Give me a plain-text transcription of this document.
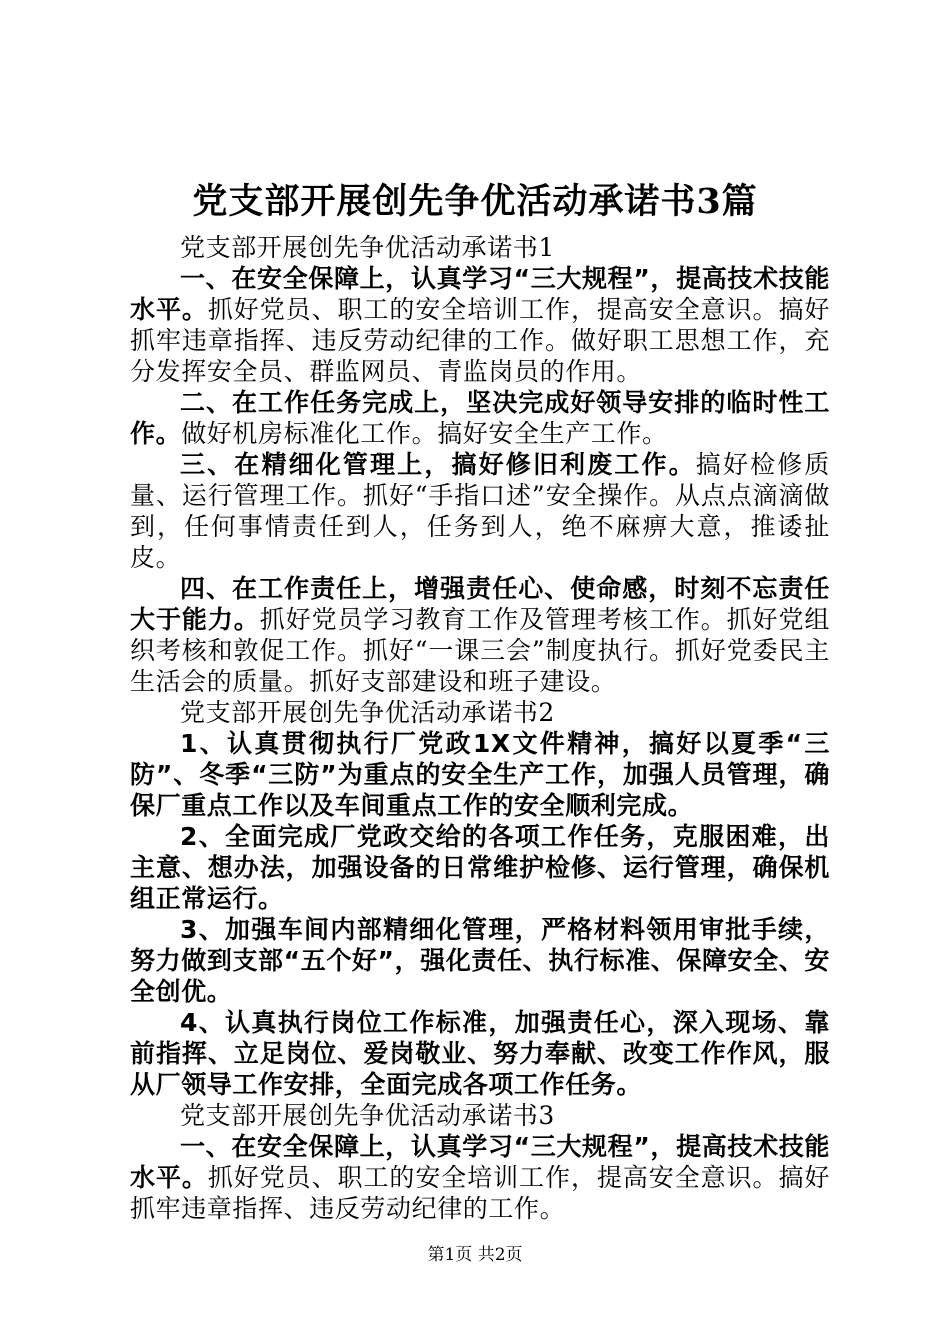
党支部开展创先争优活动承诺书3篇

党支部开展创先争优活动承诺书1

一、在安全保障上，认真学习“三大规程”，提高技术技能水平。抓好党员、职工的安全培训工作，提高安全意识。搞好抓牢违章指挥、违反劳动纪律的工作。做好职工思想工作，充分发挥安全员、群监网员、青监岗员的作用。

二、在工作任务完成上，坚决完成好领导安排的临时性工作。做好机房标准化工作。搞好安全生产工作。

三、在精细化管理上，搞好修旧利废工作。搞好检修质量、运行管理工作。抓好“手指口述”安全操作。从点点滴滴做到，任何事情责任到人，任务到人，绝不麻痹大意，推诿扯皮。

四、在工作责任上，增强责任心、使命感，时刻不忘责任大于能力。抓好党员学习教育工作及管理考核工作。抓好党组织考核和敦促工作。抓好“一课三会”制度执行。抓好党委民主生活会的质量。抓好支部建设和班子建设。

党支部开展创先争优活动承诺书2

1、认真贯彻执行厂党政1X文件精神，搞好以夏季“三防”、冬季“三防”为重点的安全生产工作，加强人员管理，确保厂重点工作以及车间重点工作的安全顺利完成。

2、全面完成厂党政交给的各项工作任务，克服困难，出主意、想办法，加强设备的日常维护检修、运行管理，确保机组正常运行。

3、加强车间内部精细化管理，严格材料领用审批手续，努力做到支部“五个好”，强化责任、执行标准、保障安全、安全创优。

4、认真执行岗位工作标准，加强责任心，深入现场、靠前指挥、立足岗位、爱岗敬业、努力奉献、改变工作作风，服从厂领导工作安排，全面完成各项工作任务。

党支部开展创先争优活动承诺书3

一、在安全保障上，认真学习“三大规程”，提高技术技能水平。抓好党员、职工的安全培训工作，提高安全意识。搞好抓牢违章指挥、违反劳动纪律的工作。

第1页 共2页
